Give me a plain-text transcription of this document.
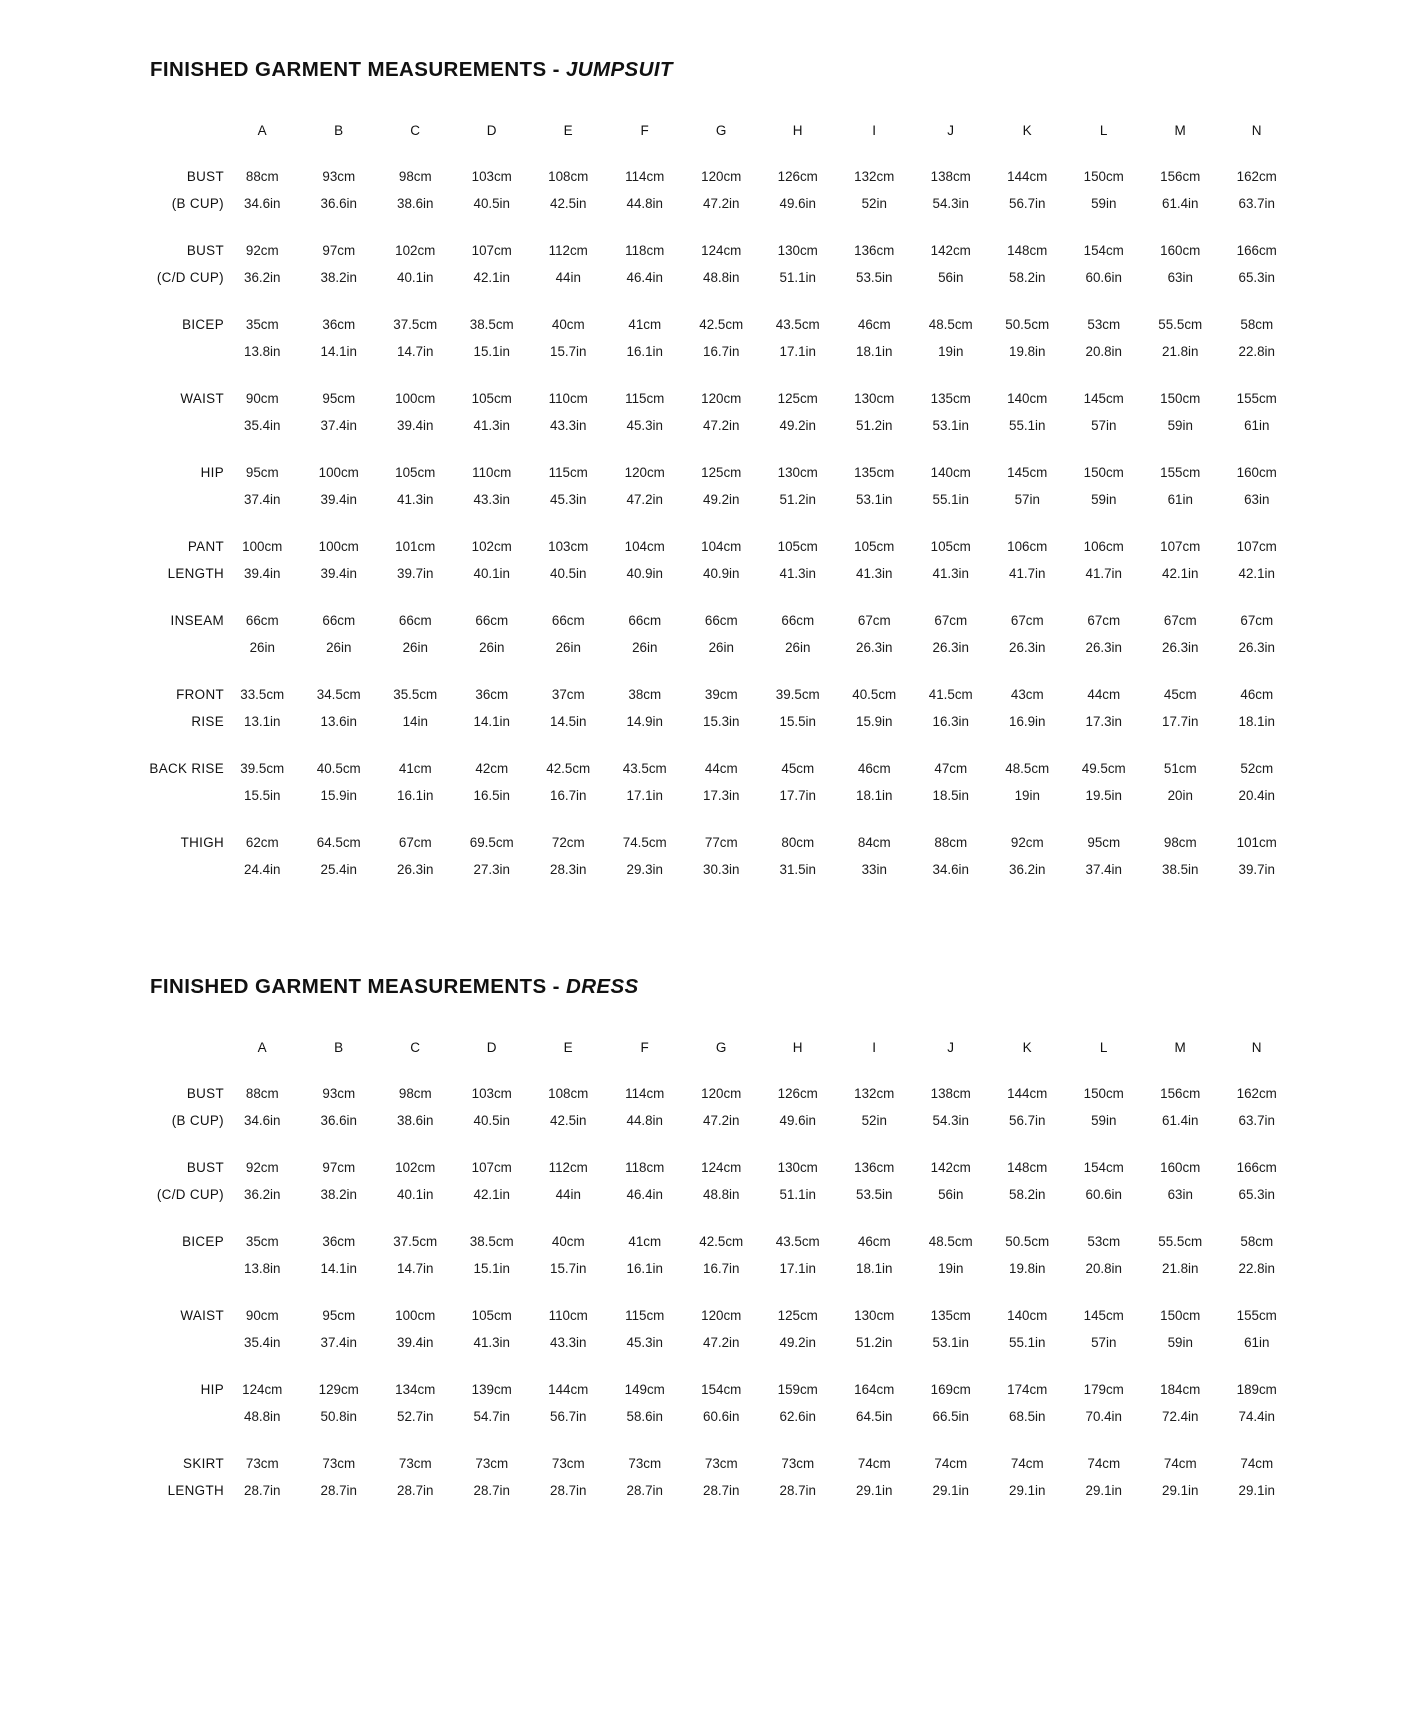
FINISHED GARMENT MEASUREMENTS - JUMPSUIT
	A	B	C	D	E	F	G	H	I	J	K	L	M	N
BUST	88cm	93cm	98cm	103cm	108cm	114cm	120cm	126cm	132cm	138cm	144cm	150cm	156cm	162cm
(B CUP)	34.6in	36.6in	38.6in	40.5in	42.5in	44.8in	47.2in	49.6in	52in	54.3in	56.7in	59in	61.4in	63.7in

BUST	92cm	97cm	102cm	107cm	112cm	118cm	124cm	130cm	136cm	142cm	148cm	154cm	160cm	166cm
(C/D CUP)	36.2in	38.2in	40.1in	42.1in	44in	46.4in	48.8in	51.1in	53.5in	56in	58.2in	60.6in	63in	65.3in

BICEP	35cm	36cm	37.5cm	38.5cm	40cm	41cm	42.5cm	43.5cm	46cm	48.5cm	50.5cm	53cm	55.5cm	58cm
	13.8in	14.1in	14.7in	15.1in	15.7in	16.1in	16.7in	17.1in	18.1in	19in	19.8in	20.8in	21.8in	22.8in

WAIST	90cm	95cm	100cm	105cm	110cm	115cm	120cm	125cm	130cm	135cm	140cm	145cm	150cm	155cm
	35.4in	37.4in	39.4in	41.3in	43.3in	45.3in	47.2in	49.2in	51.2in	53.1in	55.1in	57in	59in	61in

HIP	95cm	100cm	105cm	110cm	115cm	120cm	125cm	130cm	135cm	140cm	145cm	150cm	155cm	160cm
	37.4in	39.4in	41.3in	43.3in	45.3in	47.2in	49.2in	51.2in	53.1in	55.1in	57in	59in	61in	63in

PANT	100cm	100cm	101cm	102cm	103cm	104cm	104cm	105cm	105cm	105cm	106cm	106cm	107cm	107cm
LENGTH	39.4in	39.4in	39.7in	40.1in	40.5in	40.9in	40.9in	41.3in	41.3in	41.3in	41.7in	41.7in	42.1in	42.1in

INSEAM	66cm	66cm	66cm	66cm	66cm	66cm	66cm	66cm	67cm	67cm	67cm	67cm	67cm	67cm
	26in	26in	26in	26in	26in	26in	26in	26in	26.3in	26.3in	26.3in	26.3in	26.3in	26.3in

FRONT	33.5cm	34.5cm	35.5cm	36cm	37cm	38cm	39cm	39.5cm	40.5cm	41.5cm	43cm	44cm	45cm	46cm
RISE	13.1in	13.6in	14in	14.1in	14.5in	14.9in	15.3in	15.5in	15.9in	16.3in	16.9in	17.3in	17.7in	18.1in

BACK RISE	39.5cm	40.5cm	41cm	42cm	42.5cm	43.5cm	44cm	45cm	46cm	47cm	48.5cm	49.5cm	51cm	52cm
	15.5in	15.9in	16.1in	16.5in	16.7in	17.1in	17.3in	17.7in	18.1in	18.5in	19in	19.5in	20in	20.4in

THIGH	62cm	64.5cm	67cm	69.5cm	72cm	74.5cm	77cm	80cm	84cm	88cm	92cm	95cm	98cm	101cm
	24.4in	25.4in	26.3in	27.3in	28.3in	29.3in	30.3in	31.5in	33in	34.6in	36.2in	37.4in	38.5in	39.7in
FINISHED GARMENT MEASUREMENTS - DRESS
	A	B	C	D	E	F	G	H	I	J	K	L	M	N
BUST	88cm	93cm	98cm	103cm	108cm	114cm	120cm	126cm	132cm	138cm	144cm	150cm	156cm	162cm
(B CUP)	34.6in	36.6in	38.6in	40.5in	42.5in	44.8in	47.2in	49.6in	52in	54.3in	56.7in	59in	61.4in	63.7in

BUST	92cm	97cm	102cm	107cm	112cm	118cm	124cm	130cm	136cm	142cm	148cm	154cm	160cm	166cm
(C/D CUP)	36.2in	38.2in	40.1in	42.1in	44in	46.4in	48.8in	51.1in	53.5in	56in	58.2in	60.6in	63in	65.3in

BICEP	35cm	36cm	37.5cm	38.5cm	40cm	41cm	42.5cm	43.5cm	46cm	48.5cm	50.5cm	53cm	55.5cm	58cm
	13.8in	14.1in	14.7in	15.1in	15.7in	16.1in	16.7in	17.1in	18.1in	19in	19.8in	20.8in	21.8in	22.8in

WAIST	90cm	95cm	100cm	105cm	110cm	115cm	120cm	125cm	130cm	135cm	140cm	145cm	150cm	155cm
	35.4in	37.4in	39.4in	41.3in	43.3in	45.3in	47.2in	49.2in	51.2in	53.1in	55.1in	57in	59in	61in

HIP	124cm	129cm	134cm	139cm	144cm	149cm	154cm	159cm	164cm	169cm	174cm	179cm	184cm	189cm
	48.8in	50.8in	52.7in	54.7in	56.7in	58.6in	60.6in	62.6in	64.5in	66.5in	68.5in	70.4in	72.4in	74.4in

SKIRT	73cm	73cm	73cm	73cm	73cm	73cm	73cm	73cm	74cm	74cm	74cm	74cm	74cm	74cm
LENGTH	28.7in	28.7in	28.7in	28.7in	28.7in	28.7in	28.7in	28.7in	29.1in	29.1in	29.1in	29.1in	29.1in	29.1in
